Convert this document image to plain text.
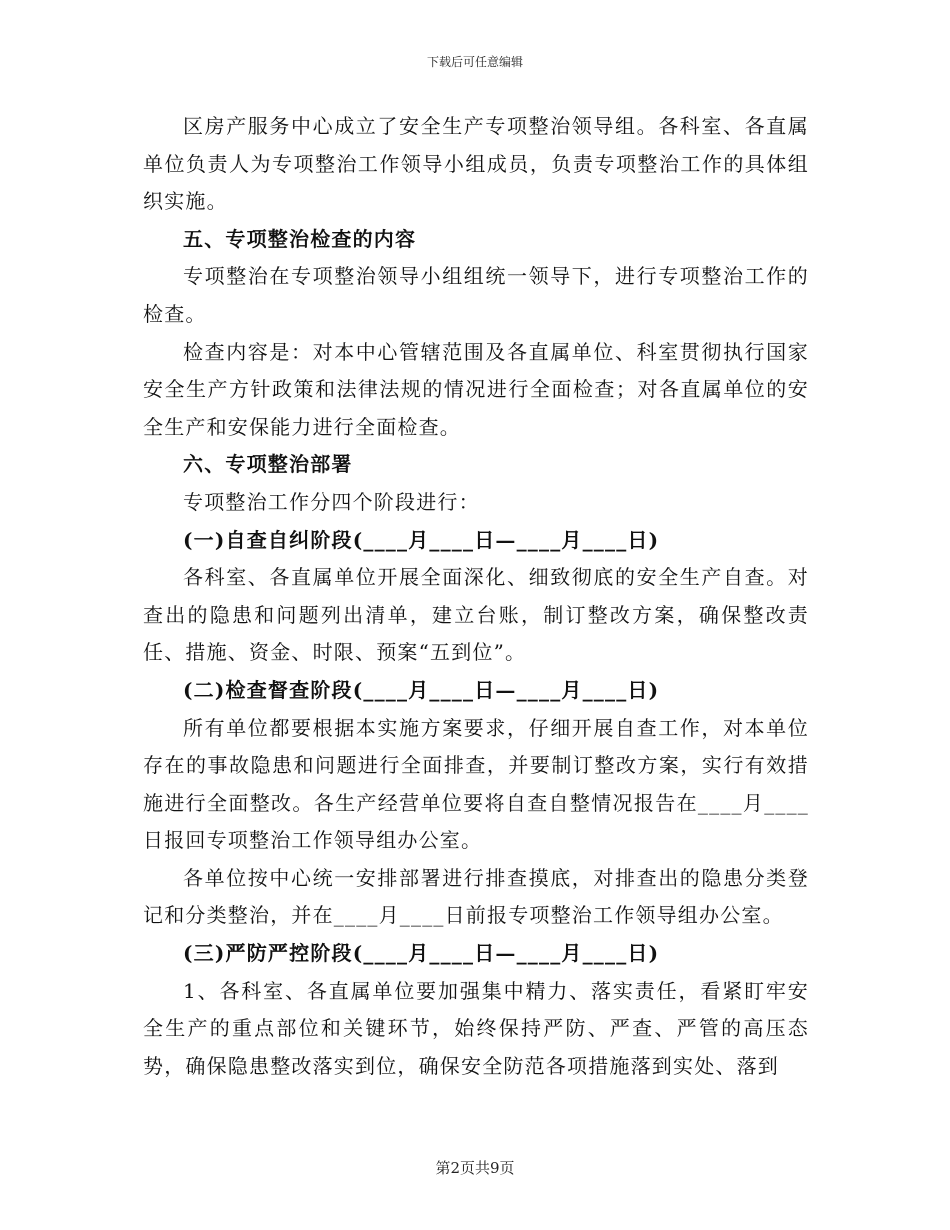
下载后可任意编辑

区房产服务中心成立了安全生产专项整治领导组。各科室、各直属单位负责人为专项整治工作领导小组成员，负责专项整治工作的具体组织实施。

五、专项整治检查的内容

专项整治在专项整治领导小组组统一领导下，进行专项整治工作的检查。

检查内容是：对本中心管辖范围及各直属单位、科室贯彻执行国家安全生产方针政策和法律法规的情况进行全面检查；对各直属单位的安全生产和安保能力进行全面检查。

六、专项整治部署

专项整治工作分四个阶段进行：

(一)自查自纠阶段(____月____日—____月____日)

各科室、各直属单位开展全面深化、细致彻底的安全生产自查。对查出的隐患和问题列出清单，建立台账，制订整改方案，确保整改责任、措施、资金、时限、预案“五到位”。

(二)检查督查阶段(____月____日—____月____日)

所有单位都要根据本实施方案要求，仔细开展自查工作，对本单位存在的事故隐患和问题进行全面排查，并要制订整改方案，实行有效措施进行全面整改。各生产经营单位要将自查自整情况报告在____月____日报回专项整治工作领导组办公室。

各单位按中心统一安排部署进行排查摸底，对排查出的隐患分类登记和分类整治，并在____月____日前报专项整治工作领导组办公室。

(三)严防严控阶段(____月____日—____月____日)

1、各科室、各直属单位要加强集中精力、落实责任，看紧盯牢安全生产的重点部位和关键环节，始终保持严防、严查、严管的高压态势，确保隐患整改落实到位，确保安全防范各项措施落到实处、落到

第2页共9页
